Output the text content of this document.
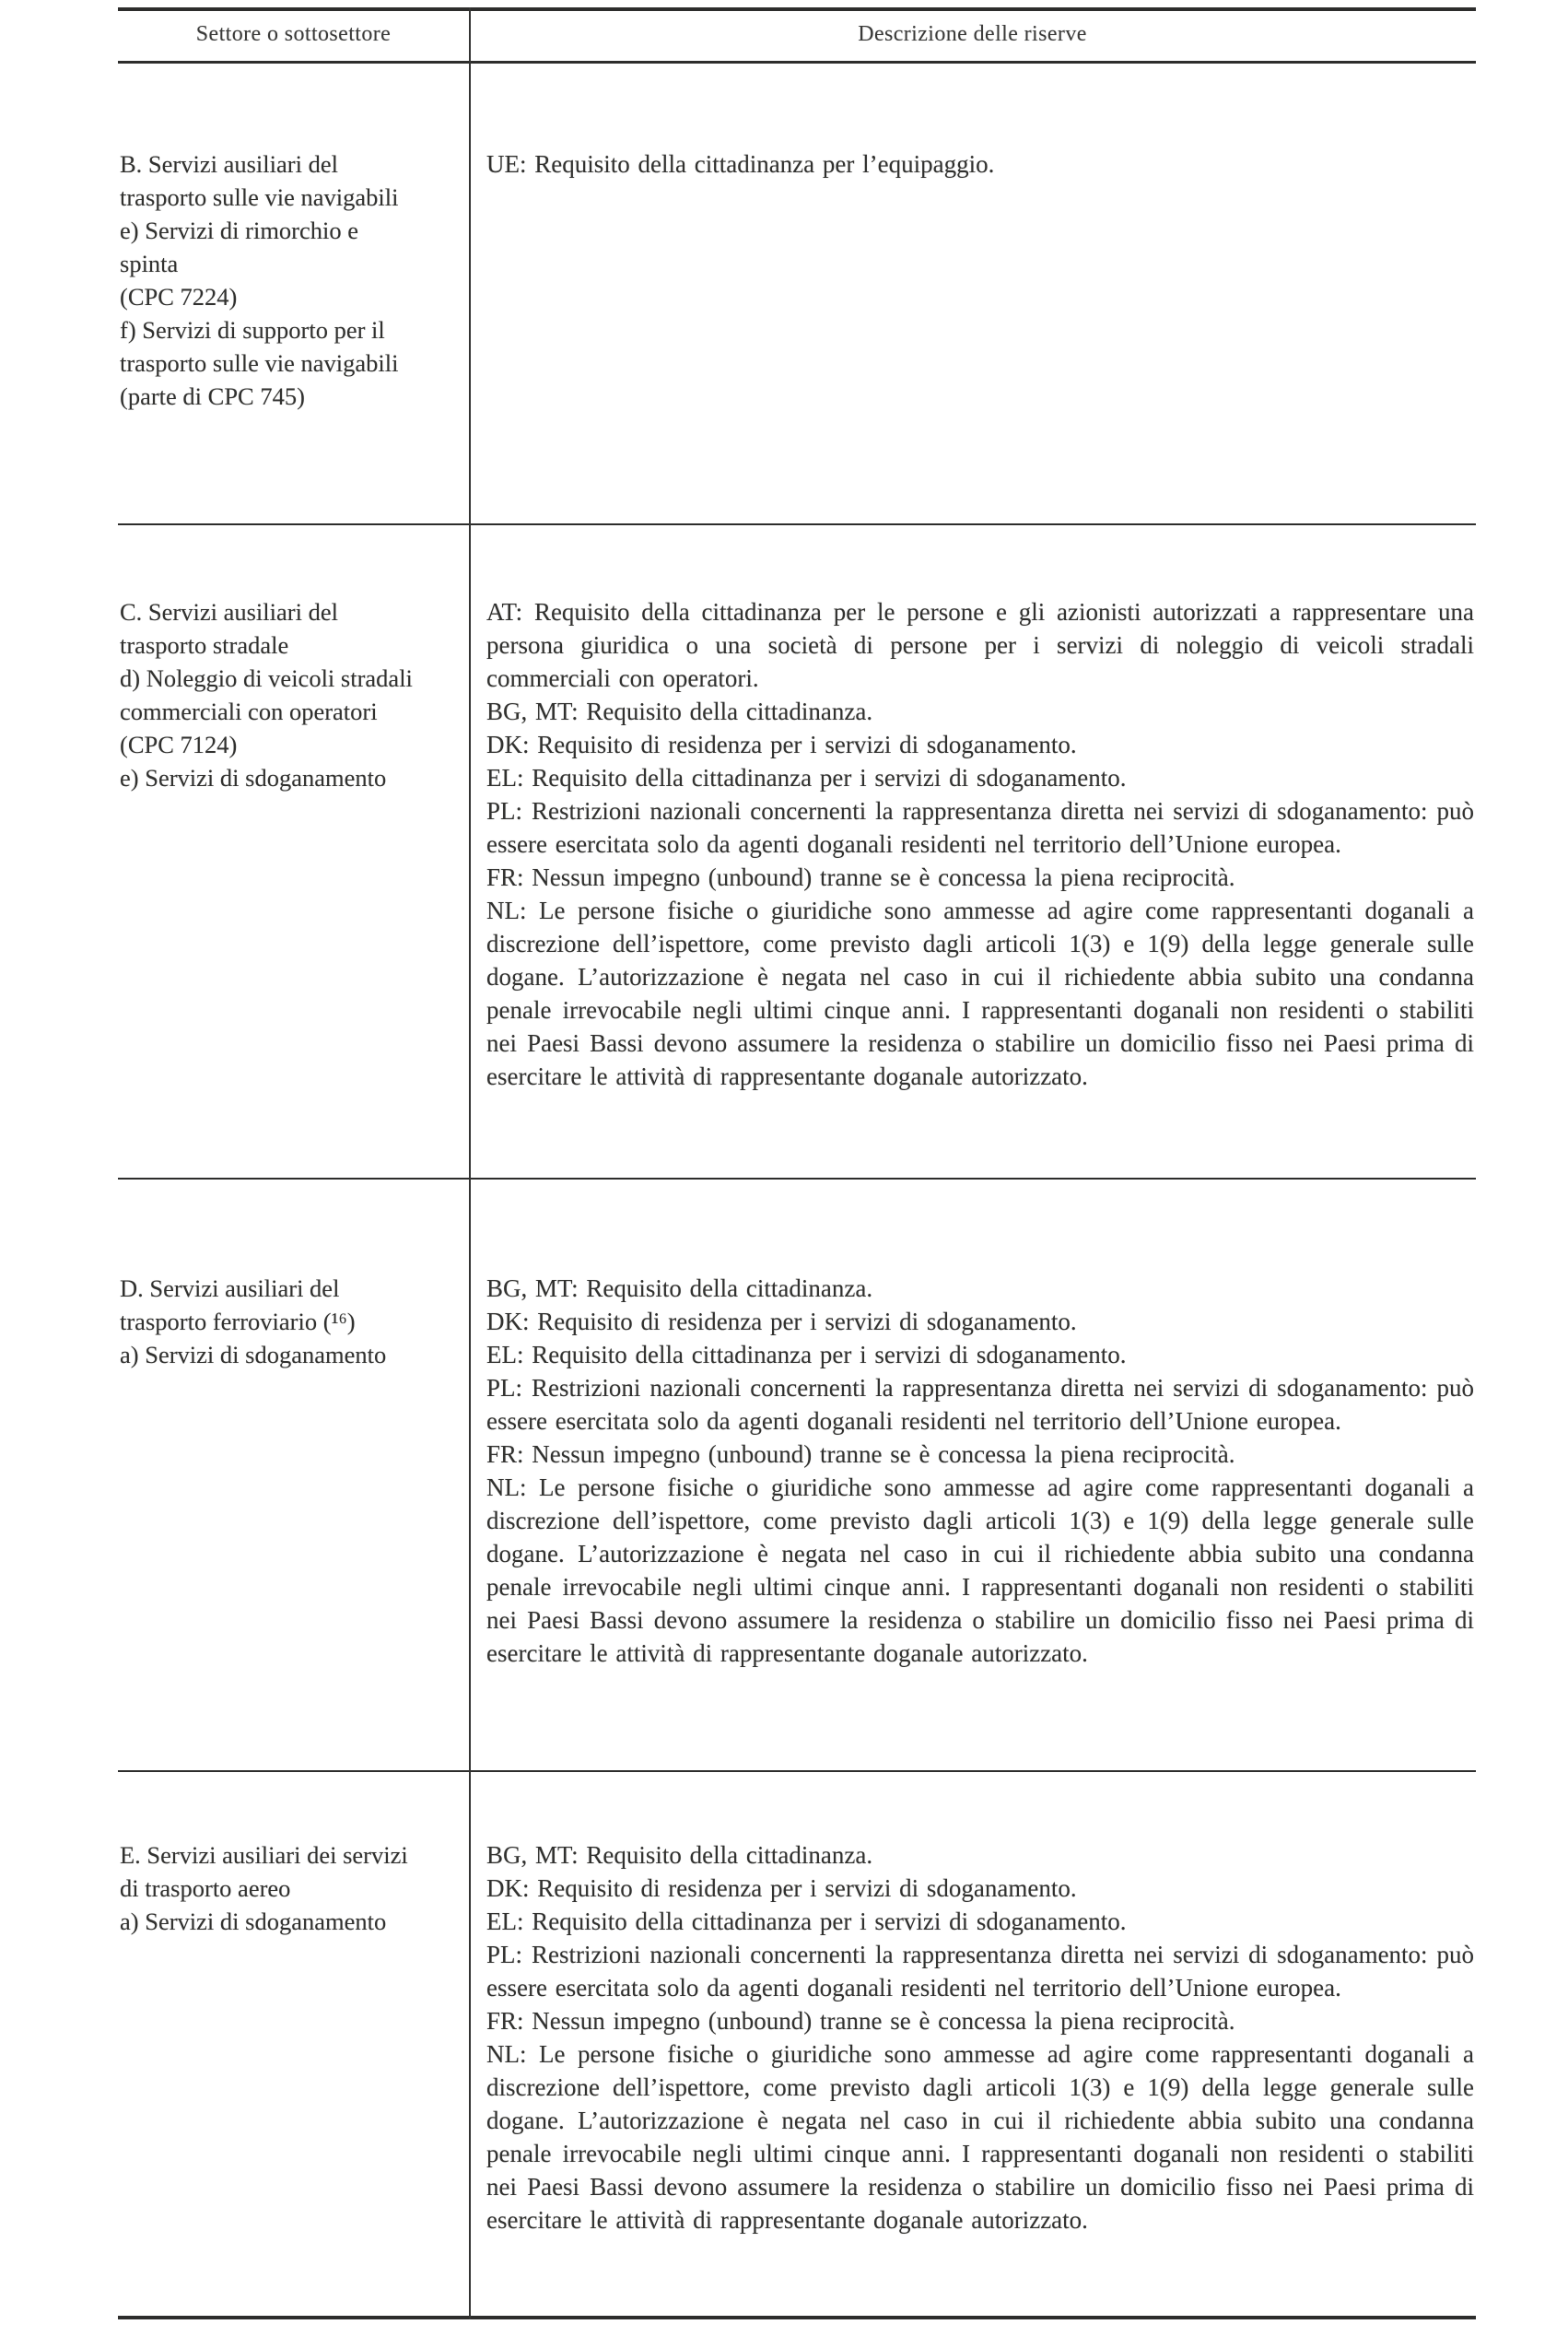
Settore o sottosettore	Descrizione delle riserve
B. Servizi ausiliari del
trasporto sulle vie navigabili
e) Servizi di rimorchio e
spinta
(CPC 7224)
f) Servizi di supporto per il
trasporto sulle vie navigabili
(parte di CPC 745)

UE: Requisito della cittadinanza per l’equipaggio.

C. Servizi ausiliari del
trasporto stradale
d) Noleggio di veicoli stradali
commerciali con operatori
(CPC 7124)
e) Servizi di sdoganamento

AT: Requisito della cittadinanza per le persone e gli azionisti autorizzati a rappresentare una persona giuridica o una società di persone per i servizi di noleggio di veicoli stradali commerciali con operatori.

BG, MT: Requisito della cittadinanza.

DK: Requisito di residenza per i servizi di sdoganamento.

EL: Requisito della cittadinanza per i servizi di sdoganamento.

PL: Restrizioni nazionali concernenti la rappresentanza diretta nei servizi di sdoganamento: può essere esercitata solo da agenti doganali residenti nel territorio dell’Unione europea.

FR: Nessun impegno (unbound) tranne se è concessa la piena reciprocità.

NL: Le persone fisiche o giuridiche sono ammesse ad agire come rappresentanti doganali a discrezione dell’ispettore, come previsto dagli articoli 1(3) e 1(9) della legge generale sulle dogane. L’autorizzazione è negata nel caso in cui il richiedente abbia subito una condanna penale irrevocabile negli ultimi cinque anni. I rappresentanti doganali non residenti o stabiliti nei Paesi Bassi devono assumere la residenza o stabilire un domicilio fisso nei Paesi prima di esercitare le attività di rappresentante doganale autorizzato.

D. Servizi ausiliari del
trasporto ferroviario (¹⁶)
a) Servizi di sdoganamento

BG, MT: Requisito della cittadinanza.

DK: Requisito di residenza per i servizi di sdoganamento.

EL: Requisito della cittadinanza per i servizi di sdoganamento.

PL: Restrizioni nazionali concernenti la rappresentanza diretta nei servizi di sdoganamento: può essere esercitata solo da agenti doganali residenti nel territorio dell’Unione europea.

FR: Nessun impegno (unbound) tranne se è concessa la piena reciprocità.

NL: Le persone fisiche o giuridiche sono ammesse ad agire come rappresentanti doganali a discrezione dell’ispettore, come previsto dagli articoli 1(3) e 1(9) della legge generale sulle dogane. L’autorizzazione è negata nel caso in cui il richiedente abbia subito una condanna penale irrevocabile negli ultimi cinque anni. I rappresentanti doganali non residenti o stabiliti nei Paesi Bassi devono assumere la residenza o stabilire un domicilio fisso nei Paesi prima di esercitare le attività di rappresentante doganale autorizzato.

E. Servizi ausiliari dei servizi
di trasporto aereo
a) Servizi di sdoganamento

BG, MT: Requisito della cittadinanza.

DK: Requisito di residenza per i servizi di sdoganamento.

EL: Requisito della cittadinanza per i servizi di sdoganamento.

PL: Restrizioni nazionali concernenti la rappresentanza diretta nei servizi di sdoganamento: può essere esercitata solo da agenti doganali residenti nel territorio dell’Unione europea.

FR: Nessun impegno (unbound) tranne se è concessa la piena reciprocità.

NL: Le persone fisiche o giuridiche sono ammesse ad agire come rappresentanti doganali a discrezione dell’ispettore, come previsto dagli articoli 1(3) e 1(9) della legge generale sulle dogane. L’autorizzazione è negata nel caso in cui il richiedente abbia subito una condanna penale irrevocabile negli ultimi cinque anni. I rappresentanti doganali non residenti o stabiliti nei Paesi Bassi devono assumere la residenza o stabilire un domicilio fisso nei Paesi prima di esercitare le attività di rappresentante doganale autorizzato.
